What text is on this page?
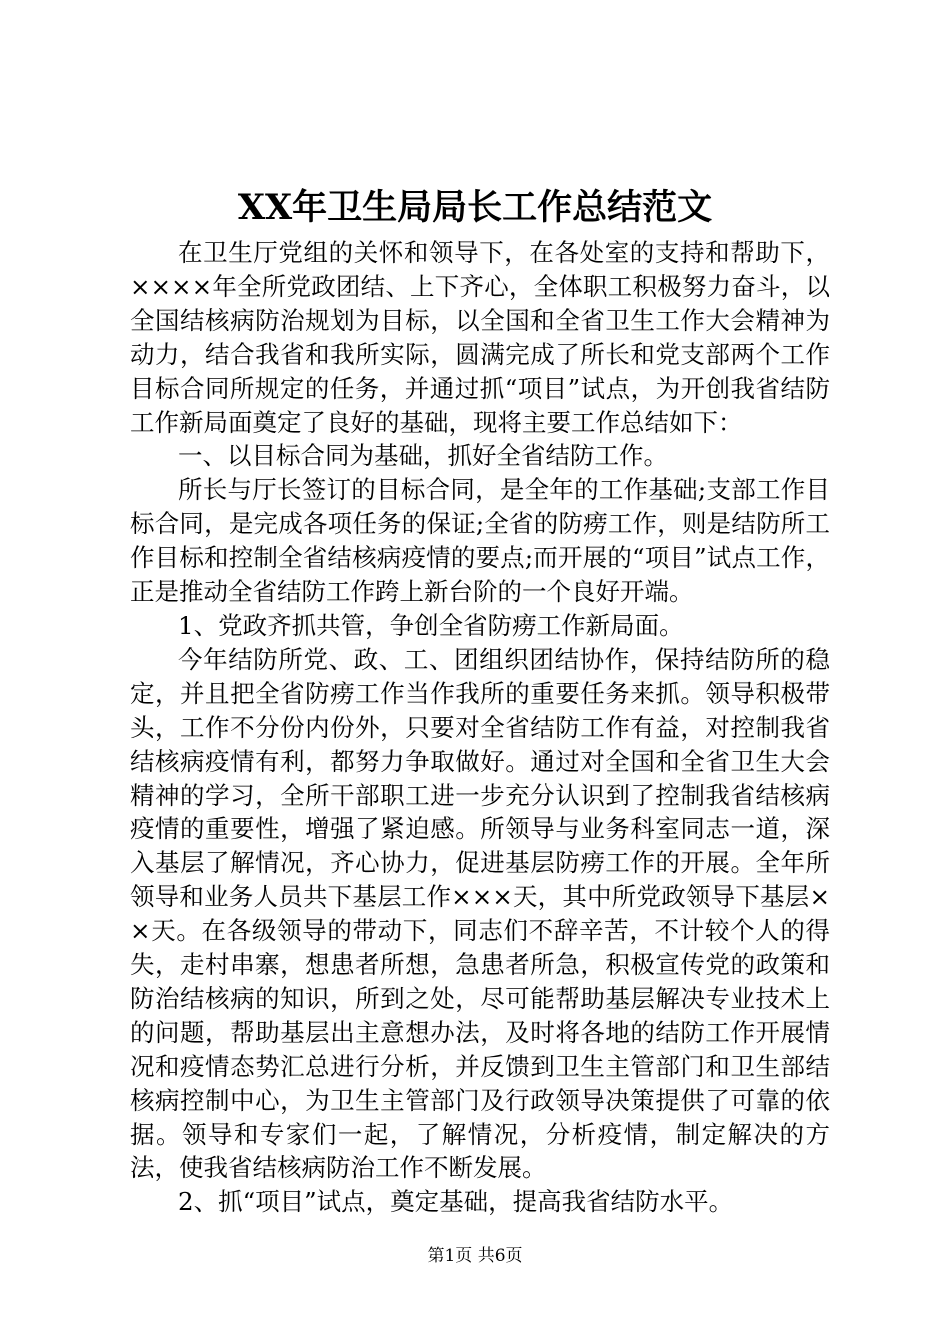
XX年卫生局局长工作总结范文

在卫生厅党组的关怀和领导下，在各处室的支持和帮助下，××××年全所党政团结、上下齐心，全体职工积极努力奋斗，以全国结核病防治规划为目标，以全国和全省卫生工作大会精神为动力，结合我省和我所实际，圆满完成了所长和党支部两个工作目标合同所规定的任务，并通过抓“项目”试点，为开创我省结防工作新局面奠定了良好的基础，现将主要工作总结如下：

一、以目标合同为基础，抓好全省结防工作。

所长与厅长签订的目标合同，是全年的工作基础;支部工作目标合同，是完成各项任务的保证;全省的防痨工作，则是结防所工作目标和控制全省结核病疫情的要点;而开展的“项目”试点工作，正是推动全省结防工作跨上新台阶的一个良好开端。

1、党政齐抓共管，争创全省防痨工作新局面。

今年结防所党、政、工、团组织团结协作，保持结防所的稳定，并且把全省防痨工作当作我所的重要任务来抓。领导积极带头，工作不分份内份外，只要对全省结防工作有益，对控制我省结核病疫情有利，都努力争取做好。通过对全国和全省卫生大会精神的学习，全所干部职工进一步充分认识到了控制我省结核病疫情的重要性，增强了紧迫感。所领导与业务科室同志一道，深入基层了解情况，齐心协力，促进基层防痨工作的开展。全年所领导和业务人员共下基层工作×××天，其中所党政领导下基层××天。在各级领导的带动下，同志们不辞辛苦，不计较个人的得失，走村串寨，想患者所想，急患者所急，积极宣传党的政策和防治结核病的知识，所到之处，尽可能帮助基层解决专业技术上的问题，帮助基层出主意想办法，及时将各地的结防工作开展情况和疫情态势汇总进行分析，并反馈到卫生主管部门和卫生部结核病控制中心，为卫生主管部门及行政领导决策提供了可靠的依据。领导和专家们一起，了解情况，分析疫情，制定解决的方法，使我省结核病防治工作不断发展。

2、抓“项目”试点，奠定基础，提高我省结防水平。

第1页 共6页
